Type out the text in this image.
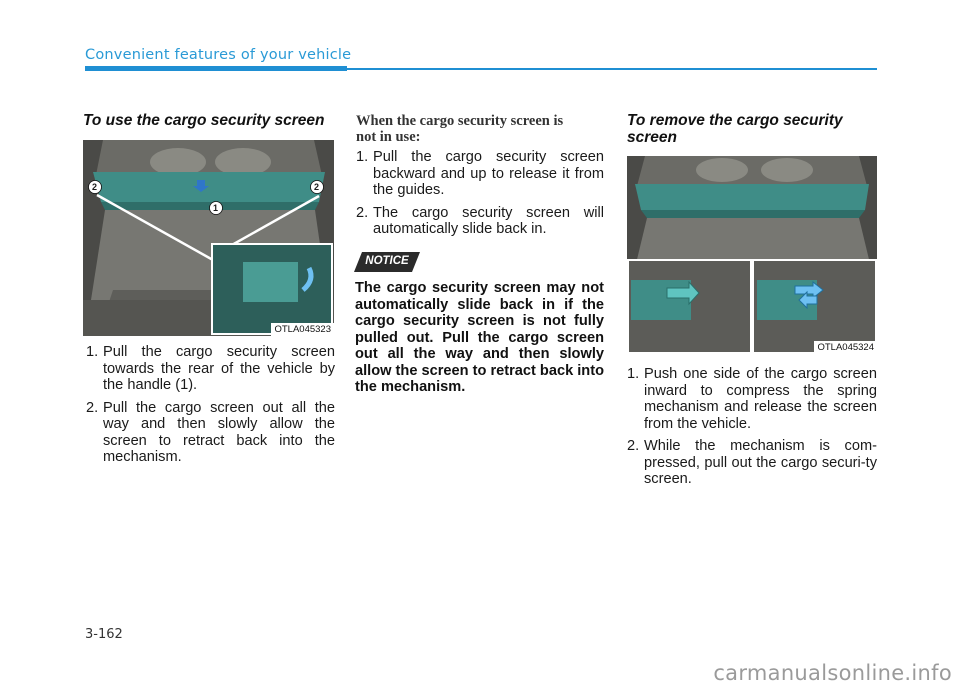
Convenient features of your vehicle
To use the cargo security screen
1
2	2
OTLA045323
1. Pull the cargo security screen towards the rear of the vehicle by the handle (1).
2. Pull the cargo screen out all the way and then slowly allow the screen to retract back into the mechanism.
When the cargo security screen is not in use:
1. Pull the cargo security screen backward and up to release it from the guides.
2. The cargo security screen will automatically slide back in.
NOTICE
The cargo security screen may not automatically slide back in if the cargo security screen is not fully pulled out. Pull the cargo screen out all the way and then slowly allow the screen to retract back into the mechanism.
To remove the cargo security screen
OTLA045324
1. Push one side of the cargo screen inward to compress the spring mechanism and release the screen from the vehicle.
2. While the mechanism is com-pressed, pull out the cargo securi-ty screen.
3-162
carmanualsonline.info
